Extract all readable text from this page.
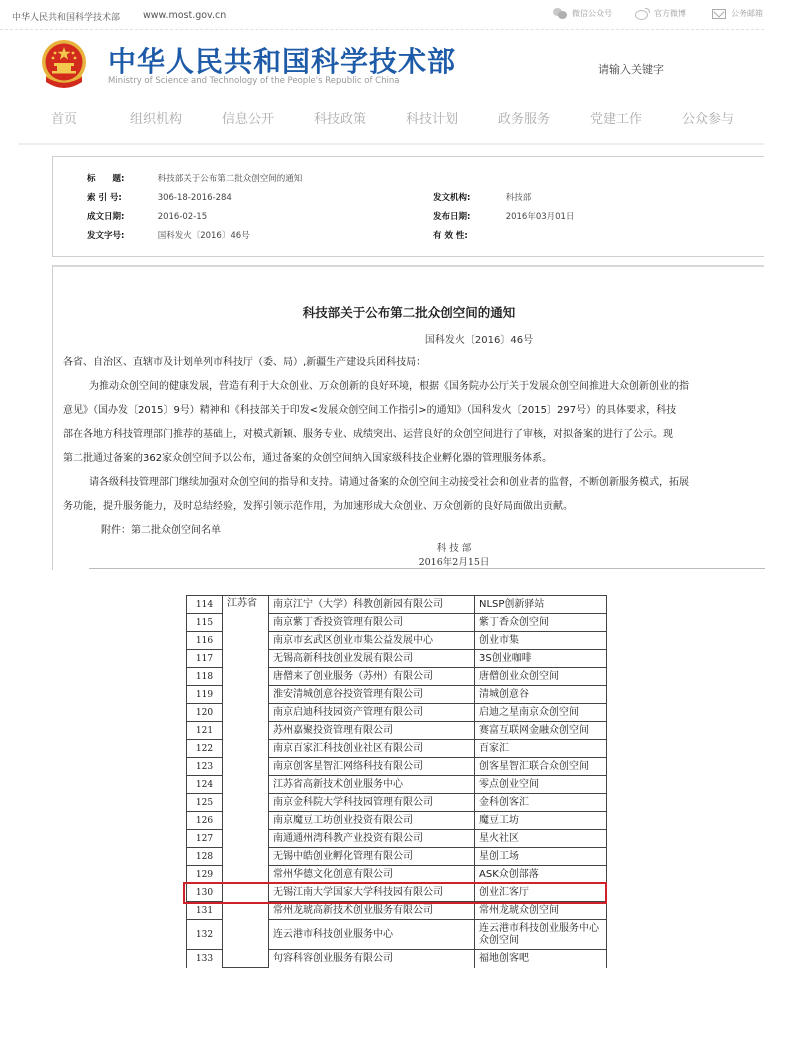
中华人民共和国科学技术部 www.most.gov.cn	微信公众号	官方微博	公务邮箱
中华人民共和国科学技术部
Ministry of Science and Technology of the People's Republic of China
请输入关键字
首页	组织机构	信息公开	科技政策	科技计划	政务服务	党建工作	公众参与
标　　题:	科技部关于公布第二批众创空间的通知
索 引 号:	306-18-2016-284
成文日期:	2016-02-15
发文字号:	国科发火〔2016〕46号
发文机构:	科技部
发布日期:	2016年03月01日
有 效 性:
科技部关于公布第二批众创空间的通知
国科发火〔2016〕46号
各省、自治区、直辖市及计划单列市科技厅（委、局）,新疆生产建设兵团科技局：
为推动众创空间的健康发展，营造有利于大众创业、万众创新的良好环境，根据《国务院办公厅关于发展众创空间推进大众创新创业的指
意见》（国办发〔2015〕9号）精神和《科技部关于印发<发展众创空间工作指引>的通知》（国科发火〔2015〕297号）的具体要求，科技
部在各地方科技管理部门推荐的基础上，对模式新颖、服务专业、成绩突出、运营良好的众创空间进行了审核，对拟备案的进行了公示。现
第二批通过备案的362家众创空间予以公布，通过备案的众创空间纳入国家级科技企业孵化器的管理服务体系。
请各级科技管理部门继续加强对众创空间的指导和支持。请通过备案的众创空间主动接受社会和创业者的监督，不断创新服务模式，拓展
务功能，提升服务能力，及时总结经验，发挥引领示范作用，为加速形成大众创业、万众创新的良好局面做出贡献。
附件：第二批众创空间名单
科 技 部
2016年2月15日
114	江苏省	南京江宁（大学）科教创新园有限公司	NLSP创新驿站
115		南京紫丁香投资管理有限公司	紫丁香众创空间
116		南京市玄武区创业市集公益发展中心	创业市集
117		无锡高新科技创业发展有限公司	3S创业咖啡
118		唐僧来了创业服务（苏州）有限公司	唐僧创业众创空间
119		淮安清城创意谷投资管理有限公司	清城创意谷
120		南京启迪科技园资产管理有限公司	启迪之星南京众创空间
121		苏州嘉聚投资管理有限公司	赛富互联网金融众创空间
122		南京百家汇科技创业社区有限公司	百家汇
123		南京创客星智汇网络科技有限公司	创客星智汇联合众创空间
124		江苏省高新技术创业服务中心	零点创业空间
125		南京金科院大学科技园管理有限公司	金科创客汇
126		南京魔豆工坊创业投资有限公司	魔豆工坊
127		南通通州湾科教产业投资有限公司	星火社区
128		无锡中皓创业孵化管理有限公司	星创工场
129		常州华德文化创意有限公司	ASK众创部落
130		无锡江南大学国家大学科技园有限公司	创业汇客厅
131		常州龙琥高新技术创业服务有限公司	常州龙琥众创空间
132		连云港市科技创业服务中心	连云港市科技创业服务中心众创空间
133		句容科容创业服务有限公司	福地创客吧
